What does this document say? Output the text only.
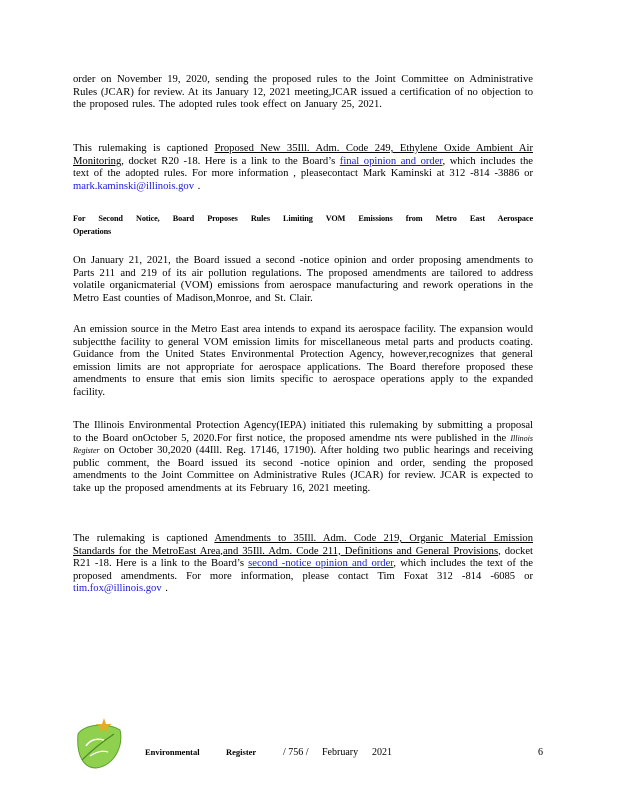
order on November 19, 2020, sending the proposed rules to the Joint Committee on Administrative Rules (JCAR) for review. At its January 12, 2021 meeting,JCAR issued a certification of no objection to the proposed rules. The adopted rules took effect on January 25, 2021.

This rulemaking is captioned Proposed New 35Ill. Adm. Code 249, Ethylene Oxide Ambient Air Monitoring, docket R20 -18. Here is a link to the Board’s final opinion and order, which includes the text of the adopted rules. For more information , pleasecontact Mark Kaminski at 312 -814 -3886 or mark.kaminski@illinois.gov .

For Second Notice, Board Proposes Rules Limiting VOM Emissions from Metro East Aerospace Operations

On January 21, 2021, the Board issued a second -notice opinion and order proposing amendments to Parts 211 and 219 of its air pollution regulations. The proposed amendments are tailored to address volatile organicmaterial (VOM) emissions from aerospace manufacturing and rework operations in the Metro East counties of Madison,Monroe, and St. Clair.

An emission source in the Metro East area intends to expand its aerospace facility. The expansion would subjectthe facility to general VOM emission limits for miscellaneous metal parts and products coating. Guidance from the United States Environmental Protection Agency, however,recognizes that general emission limits are not appropriate for aerospace applications. The Board therefore proposed these amendments to ensure that emis sion limits specific to aerospace operations apply to the expanded facility.

The Illinois Environmental Protection Agency(IEPA) initiated this rulemaking by submitting a proposal to the Board onOctober 5, 2020.For first notice, the proposed amendme nts were published in the Illinois Register on October 30,2020 (44Ill. Reg. 17146, 17190). After holding two public hearings and receiving public comment, the Board issued its second -notice opinion and order, sending the proposed amendments to the Joint Committee on Administrative Rules (JCAR) for review. JCAR is expected to take up the proposed amendments at its February 16, 2021 meeting.

The rulemaking is captioned Amendments to 35Ill. Adm. Code 219, Organic Material Emission Standards for the MetroEast Area,and 35Ill. Adm. Code 211, Definitions and General Provisions, docket R21 -18. Here is a link to the Board’s second -notice opinion and order, which includes the text of the proposed amendments. For more information, please contact Tim Foxat 312 -814 -6085 or tim.fox@illinois.gov .

Environmental	Register	/ 756 / February 2021	6
